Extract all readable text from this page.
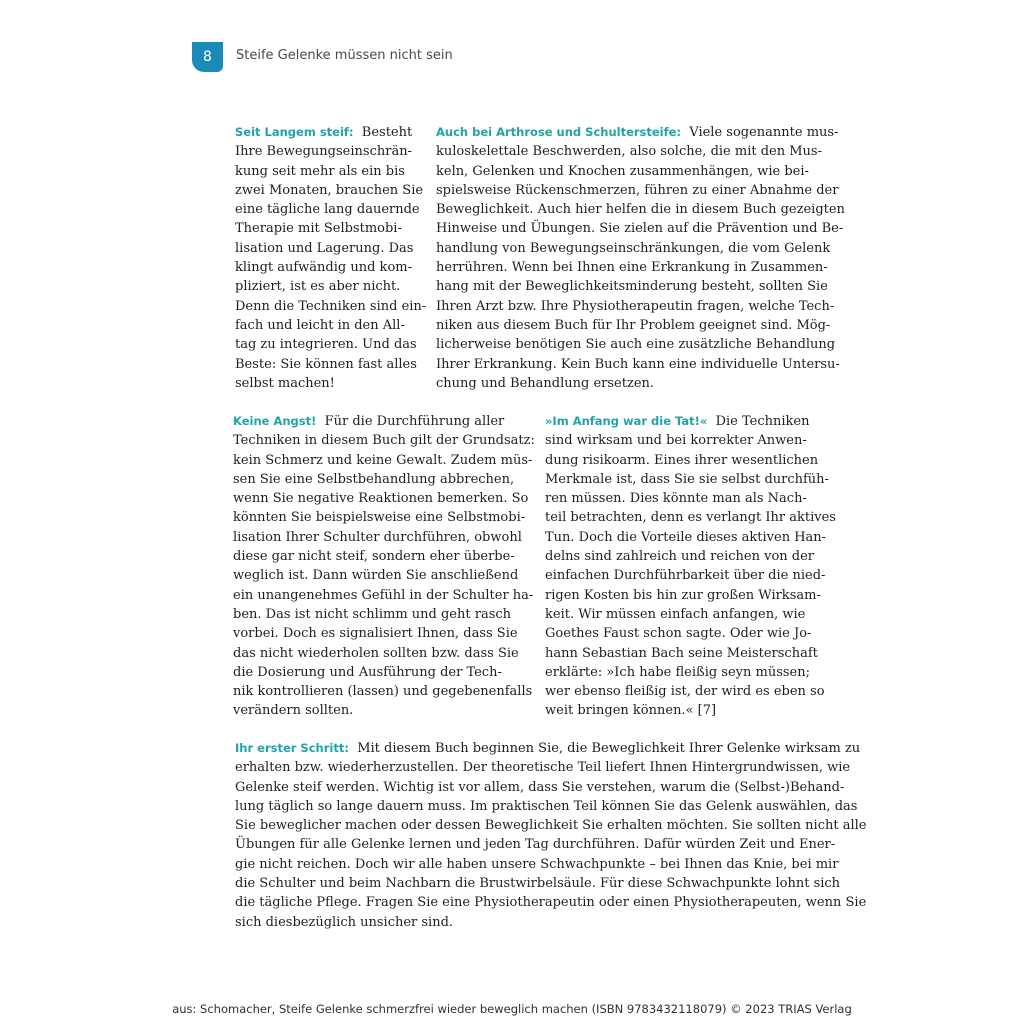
8	Steife Gelenke müssen nicht sein
Seit Langem steif: Besteht
Ihre Bewegungseinschrän-
kung seit mehr als ein bis
zwei Monaten, brauchen Sie
eine tägliche lang dauernde
Therapie mit Selbstmobi-
lisation und Lagerung. Das
klingt aufwändig und kom-
pliziert, ist es aber nicht.
Denn die Techniken sind ein-
fach und leicht in den All-
tag zu integrieren. Und das
Beste: Sie können fast alles
selbst machen!
Auch bei Arthrose und Schultersteife: Viele sogenannte mus-
kuloskelettale Beschwerden, also solche, die mit den Mus-
keln, Gelenken und Knochen zusammenhängen, wie bei-
spielsweise Rückenschmerzen, führen zu einer Abnahme der
Beweglichkeit. Auch hier helfen die in diesem Buch gezeigten
Hinweise und Übungen. Sie zielen auf die Prävention und Be-
handlung von Bewegungseinschränkungen, die vom Gelenk
herrühren. Wenn bei Ihnen eine Erkrankung in Zusammen-
hang mit der Beweglichkeitsminderung besteht, sollten Sie
Ihren Arzt bzw. Ihre Physiotherapeutin fragen, welche Tech-
niken aus diesem Buch für Ihr Problem geeignet sind. Mög-
licherweise benötigen Sie auch eine zusätzliche Behandlung
Ihrer Erkrankung. Kein Buch kann eine individuelle Untersu-
chung und Behandlung ersetzen.
Keine Angst! Für die Durchführung aller
Techniken in diesem Buch gilt der Grundsatz:
kein Schmerz und keine Gewalt. Zudem müs-
sen Sie eine Selbstbehandlung abbrechen,
wenn Sie negative Reaktionen bemerken. So
könnten Sie beispielsweise eine Selbstmobi-
lisation Ihrer Schulter durchführen, obwohl
diese gar nicht steif, sondern eher überbe-
weglich ist. Dann würden Sie anschließend
ein unangenehmes Gefühl in der Schulter ha-
ben. Das ist nicht schlimm und geht rasch
vorbei. Doch es signalisiert Ihnen, dass Sie
das nicht wiederholen sollten bzw. dass Sie
die Dosierung und Ausführung der Tech-
nik kontrollieren (lassen) und gegebenenfalls
verändern sollten.
»Im Anfang war die Tat!« Die Techniken
sind wirksam und bei korrekter Anwen-
dung risikoarm. Eines ihrer wesentlichen
Merkmale ist, dass Sie sie selbst durchfüh-
ren müssen. Dies könnte man als Nach-
teil betrachten, denn es verlangt Ihr aktives
Tun. Doch die Vorteile dieses aktiven Han-
delns sind zahlreich und reichen von der
einfachen Durchführbarkeit über die nied-
rigen Kosten bis hin zur großen Wirksam-
keit. Wir müssen einfach anfangen, wie
Goethes Faust schon sagte. Oder wie Jo-
hann Sebastian Bach seine Meisterschaft
erklärte: »Ich habe fleißig seyn müssen;
wer ebenso fleißig ist, der wird es eben so
weit bringen können.« [7]
Ihr erster Schritt: Mit diesem Buch beginnen Sie, die Beweglichkeit Ihrer Gelenke wirksam zu
erhalten bzw. wiederherzustellen. Der theoretische Teil liefert Ihnen Hintergrundwissen, wie
Gelenke steif werden. Wichtig ist vor allem, dass Sie verstehen, warum die (Selbst-)Behand-
lung täglich so lange dauern muss. Im praktischen Teil können Sie das Gelenk auswählen, das
Sie beweglicher machen oder dessen Beweglichkeit Sie erhalten möchten. Sie sollten nicht alle
Übungen für alle Gelenke lernen und jeden Tag durchführen. Dafür würden Zeit und Ener-
gie nicht reichen. Doch wir alle haben unsere Schwachpunkte – bei Ihnen das Knie, bei mir
die Schulter und beim Nachbarn die Brustwirbelsäule. Für diese Schwachpunkte lohnt sich
die tägliche Pflege. Fragen Sie eine Physiotherapeutin oder einen Physiotherapeuten, wenn Sie
sich diesbezüglich unsicher sind.
aus: Schomacher, Steife Gelenke schmerzfrei wieder beweglich machen (ISBN 9783432118079) © 2023 TRIAS Verlag
